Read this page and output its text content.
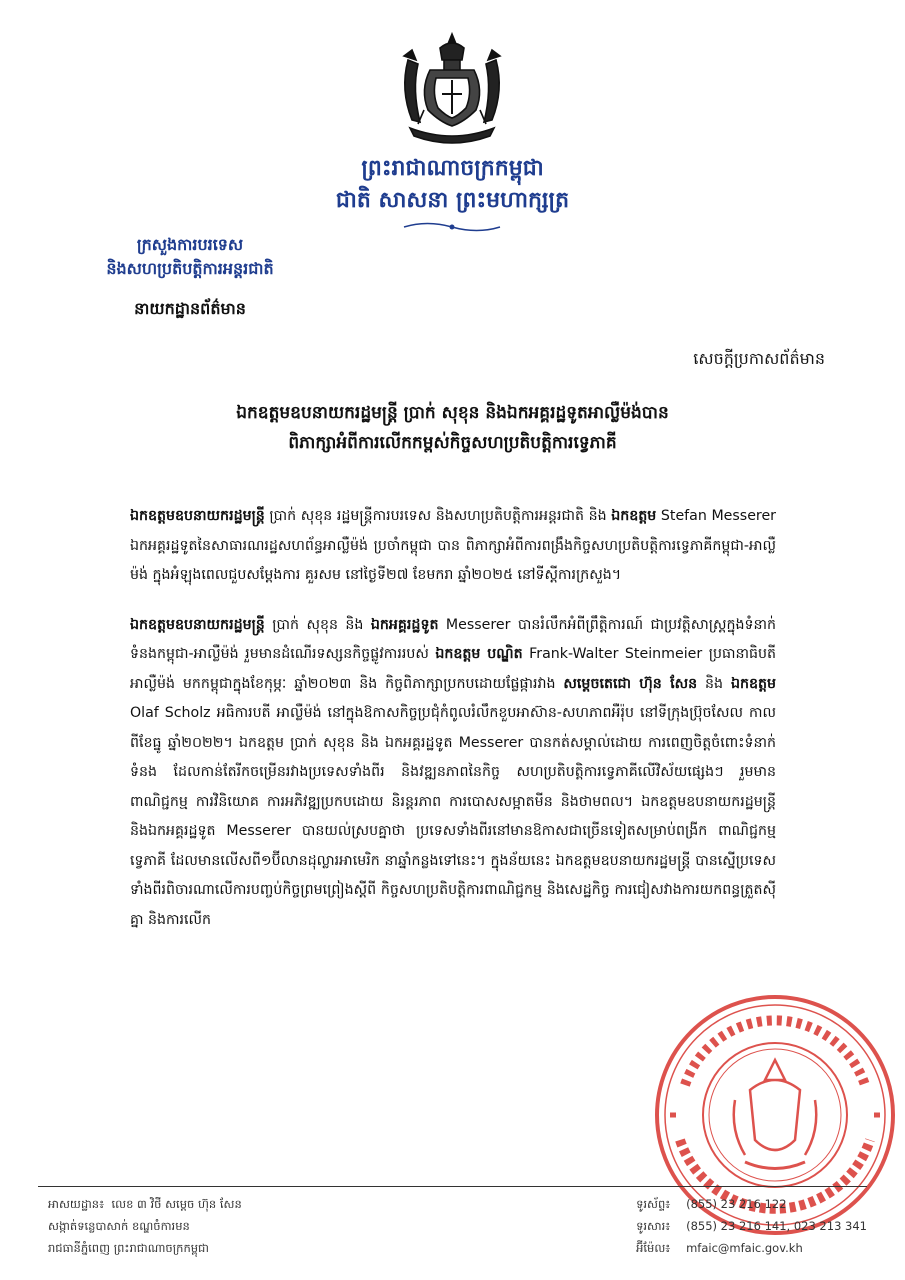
ព្រះរាជាណាចក្រកម្ពុជា
ជាតិ សាសនា ព្រះមហាក្សត្រ
ក្រសួងការបរទេស
និងសហប្រតិបត្តិការអន្តរជាតិ
នាយកដ្ឋានព័ត៌មាន
សេចក្តីប្រកាសព័ត៌មាន
ឯកឧត្តមឧបនាយករដ្ឋមន្ត្រី ប្រាក់ សុខុន និងឯកអគ្គរដ្ឋទូតអាល្លឺម៉ង់បាន
ពិភាក្សាអំពីការលើកកម្ពស់កិច្ចសហប្រតិបត្តិការទ្វេភាគី

ឯកឧត្តមឧបនាយករដ្ឋមន្ត្រី ប្រាក់ សុខុន រដ្ឋមន្ត្រីការបរទេស និងសហប្រតិបត្តិការអន្តរជាតិ និង ឯកឧត្តម Stefan Messerer ឯកអគ្គរដ្ឋទូតនៃសាធារណរដ្ឋសហព័ន្ធអាល្លឺម៉ង់ ប្រចាំកម្ពុជា បាន ពិភាក្សាអំពីការពង្រឹងកិច្ចសហប្រតិបត្តិការទ្វេភាគីកម្ពុជា-អាល្លឺម៉ង់ ក្នុងអំឡុងពេលជួបសម្តែងការ គួរសម នៅថ្ងៃទី២៧ ខែមករា ឆ្នាំ២០២៥ នៅទីស្តីការក្រសួង។

ឯកឧត្តមឧបនាយករដ្ឋមន្ត្រី ប្រាក់ សុខុន និង ឯកអគ្គរដ្ឋទូត Messerer បានរំលឹកអំពីព្រឹត្តិការណ៍ ជាប្រវត្តិសាស្ត្រក្នុងទំនាក់ទំនងកម្ពុជា-អាល្លឺម៉ង់ រួមមានដំណើរទស្សនកិច្ចផ្លូវការរបស់ ឯកឧត្តម បណ្ឌិត Frank-Walter Steinmeier ប្រធានាធិបតីអាល្លឺម៉ង់ មកកម្ពុជាក្នុងខែកុម្ភៈ ឆ្នាំ២០២៣ និង កិច្ចពិភាក្សាប្រកបដោយផ្លែផ្ការវាង សម្តេចតេជោ ហ៊ុន សែន និង ឯកឧត្តម Olaf Scholz អធិការបតី អាល្លឺម៉ង់ នៅក្នុងឱកាសកិច្ចប្រជុំកំពូលរំលឹកខួបអាស៊ាន-សហភាពអឺរ៉ុប នៅទីក្រុងប្រ៊ុចសែល កាល ពីខែធ្នូ ឆ្នាំ២០២២។ ឯកឧត្តម ប្រាក់ សុខុន និង ឯកអគ្គរដ្ឋទូត Messerer បានកត់សម្គាល់ដោយ ការពេញចិត្តចំពោះទំនាក់ទំនង ដែលកាន់តែរីកចម្រើនរវាងប្រទេសទាំងពីរ និងវឌ្ឍនភាពនៃកិច្ច សហប្រតិបត្តិការទ្វេភាគីលើវិស័យផ្សេងៗ រួមមាន ពាណិជ្ជកម្ម ការវិនិយោគ ការអភិវឌ្ឍប្រកបដោយ និរន្តរភាព ការបោសសម្អាតមីន និងថាមពល។ ឯកឧត្តមឧបនាយករដ្ឋមន្ត្រី និងឯកអគ្គរដ្ឋទូត Messerer បានយល់ស្របគ្នាថា ប្រទេសទាំងពីរនៅមានឱកាសជាច្រើនទៀតសម្រាប់ពង្រីក ពាណិជ្ជកម្មទ្វេភាគី ដែលមានលើសពី១ប៊ីលានដុល្លារអាមេរិក នាឆ្នាំកន្លងទៅនេះ។ ក្នុងន័យនេះ ឯកឧត្តមឧបនាយករដ្ឋមន្ត្រី បានស្នើប្រទេសទាំងពីរពិចារណាលើការបញ្ចប់កិច្ចព្រមព្រៀងស្តីពី កិច្ចសហប្រតិបត្តិការពាណិជ្ជកម្ម និងសេដ្ឋកិច្ច ការជៀសវាងការយកពន្ធត្រួតស៊ីគ្នា និងការលើក

អាសយដ្ឋាន៖ លេខ ៣ វិថី សម្តេច ហ៊ុន សែន
សង្កាត់ទន្លេបាសាក់ ខណ្ឌចំការមន
រាជធានីភ្នំពេញ ព្រះរាជាណាចក្រកម្ពុជា
ទូរស័ព្ទ៖ (855) 23 216 122
ទូរសារ៖ (855) 23 216 141, 023 213 341
អ៊ីម៉ែល៖ mfaic@mfaic.gov.kh
